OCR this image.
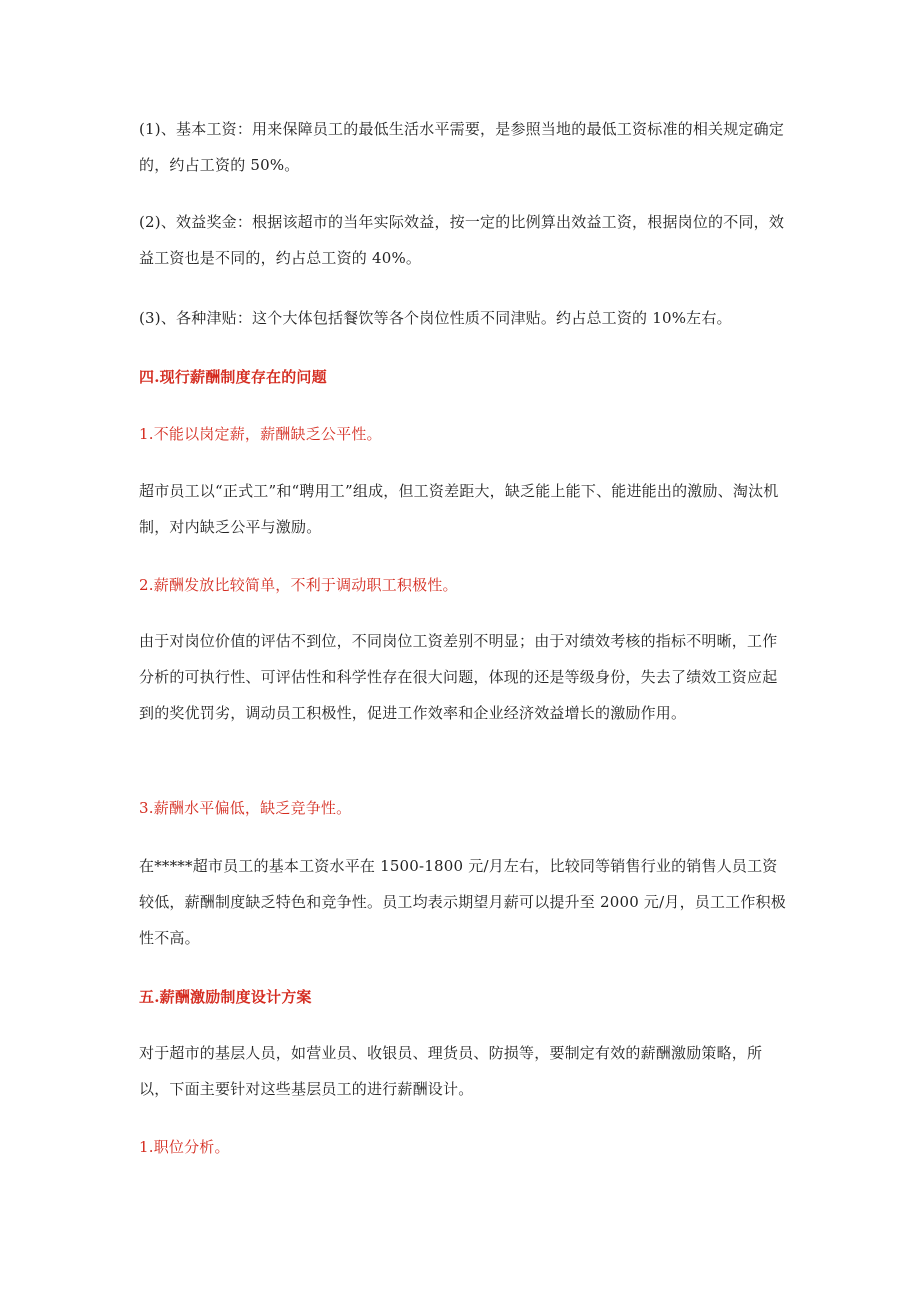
(1)、基本工资：用来保障员工的最低生活水平需要，是参照当地的最低工资标准的相关规定确定的，约占工资的 50%。
(2)、效益奖金：根据该超市的当年实际效益，按一定的比例算出效益工资，根据岗位的不同，效益工资也是不同的，约占总工资的 40%。
(3)、各种津贴：这个大体包括餐饮等各个岗位性质不同津贴。约占总工资的 10%左右。
四.现行薪酬制度存在的问题
1.不能以岗定薪，薪酬缺乏公平性。
超市员工以“正式工”和“聘用工”组成，但工资差距大，缺乏能上能下、能进能出的激励、淘汰机制，对内缺乏公平与激励。
2.薪酬发放比较简单，不利于调动职工积极性。
由于对岗位价值的评估不到位，不同岗位工资差别不明显；由于对绩效考核的指标不明晰，工作分析的可执行性、可评估性和科学性存在很大问题，体现的还是等级身份，失去了绩效工资应起到的奖优罚劣，调动员工积极性，促进工作效率和企业经济效益增长的激励作用。
3.薪酬水平偏低，缺乏竞争性。
在*****超市员工的基本工资水平在 1500-1800 元/月左右，比较同等销售行业的销售人员工资较低，薪酬制度缺乏特色和竞争性。员工均表示期望月薪可以提升至 2000 元/月，员工工作积极性不高。
五.薪酬激励制度设计方案
对于超市的基层人员，如营业员、收银员、理货员、防损等，要制定有效的薪酬激励策略，所以，下面主要针对这些基层员工的进行薪酬设计。
1.职位分析。
